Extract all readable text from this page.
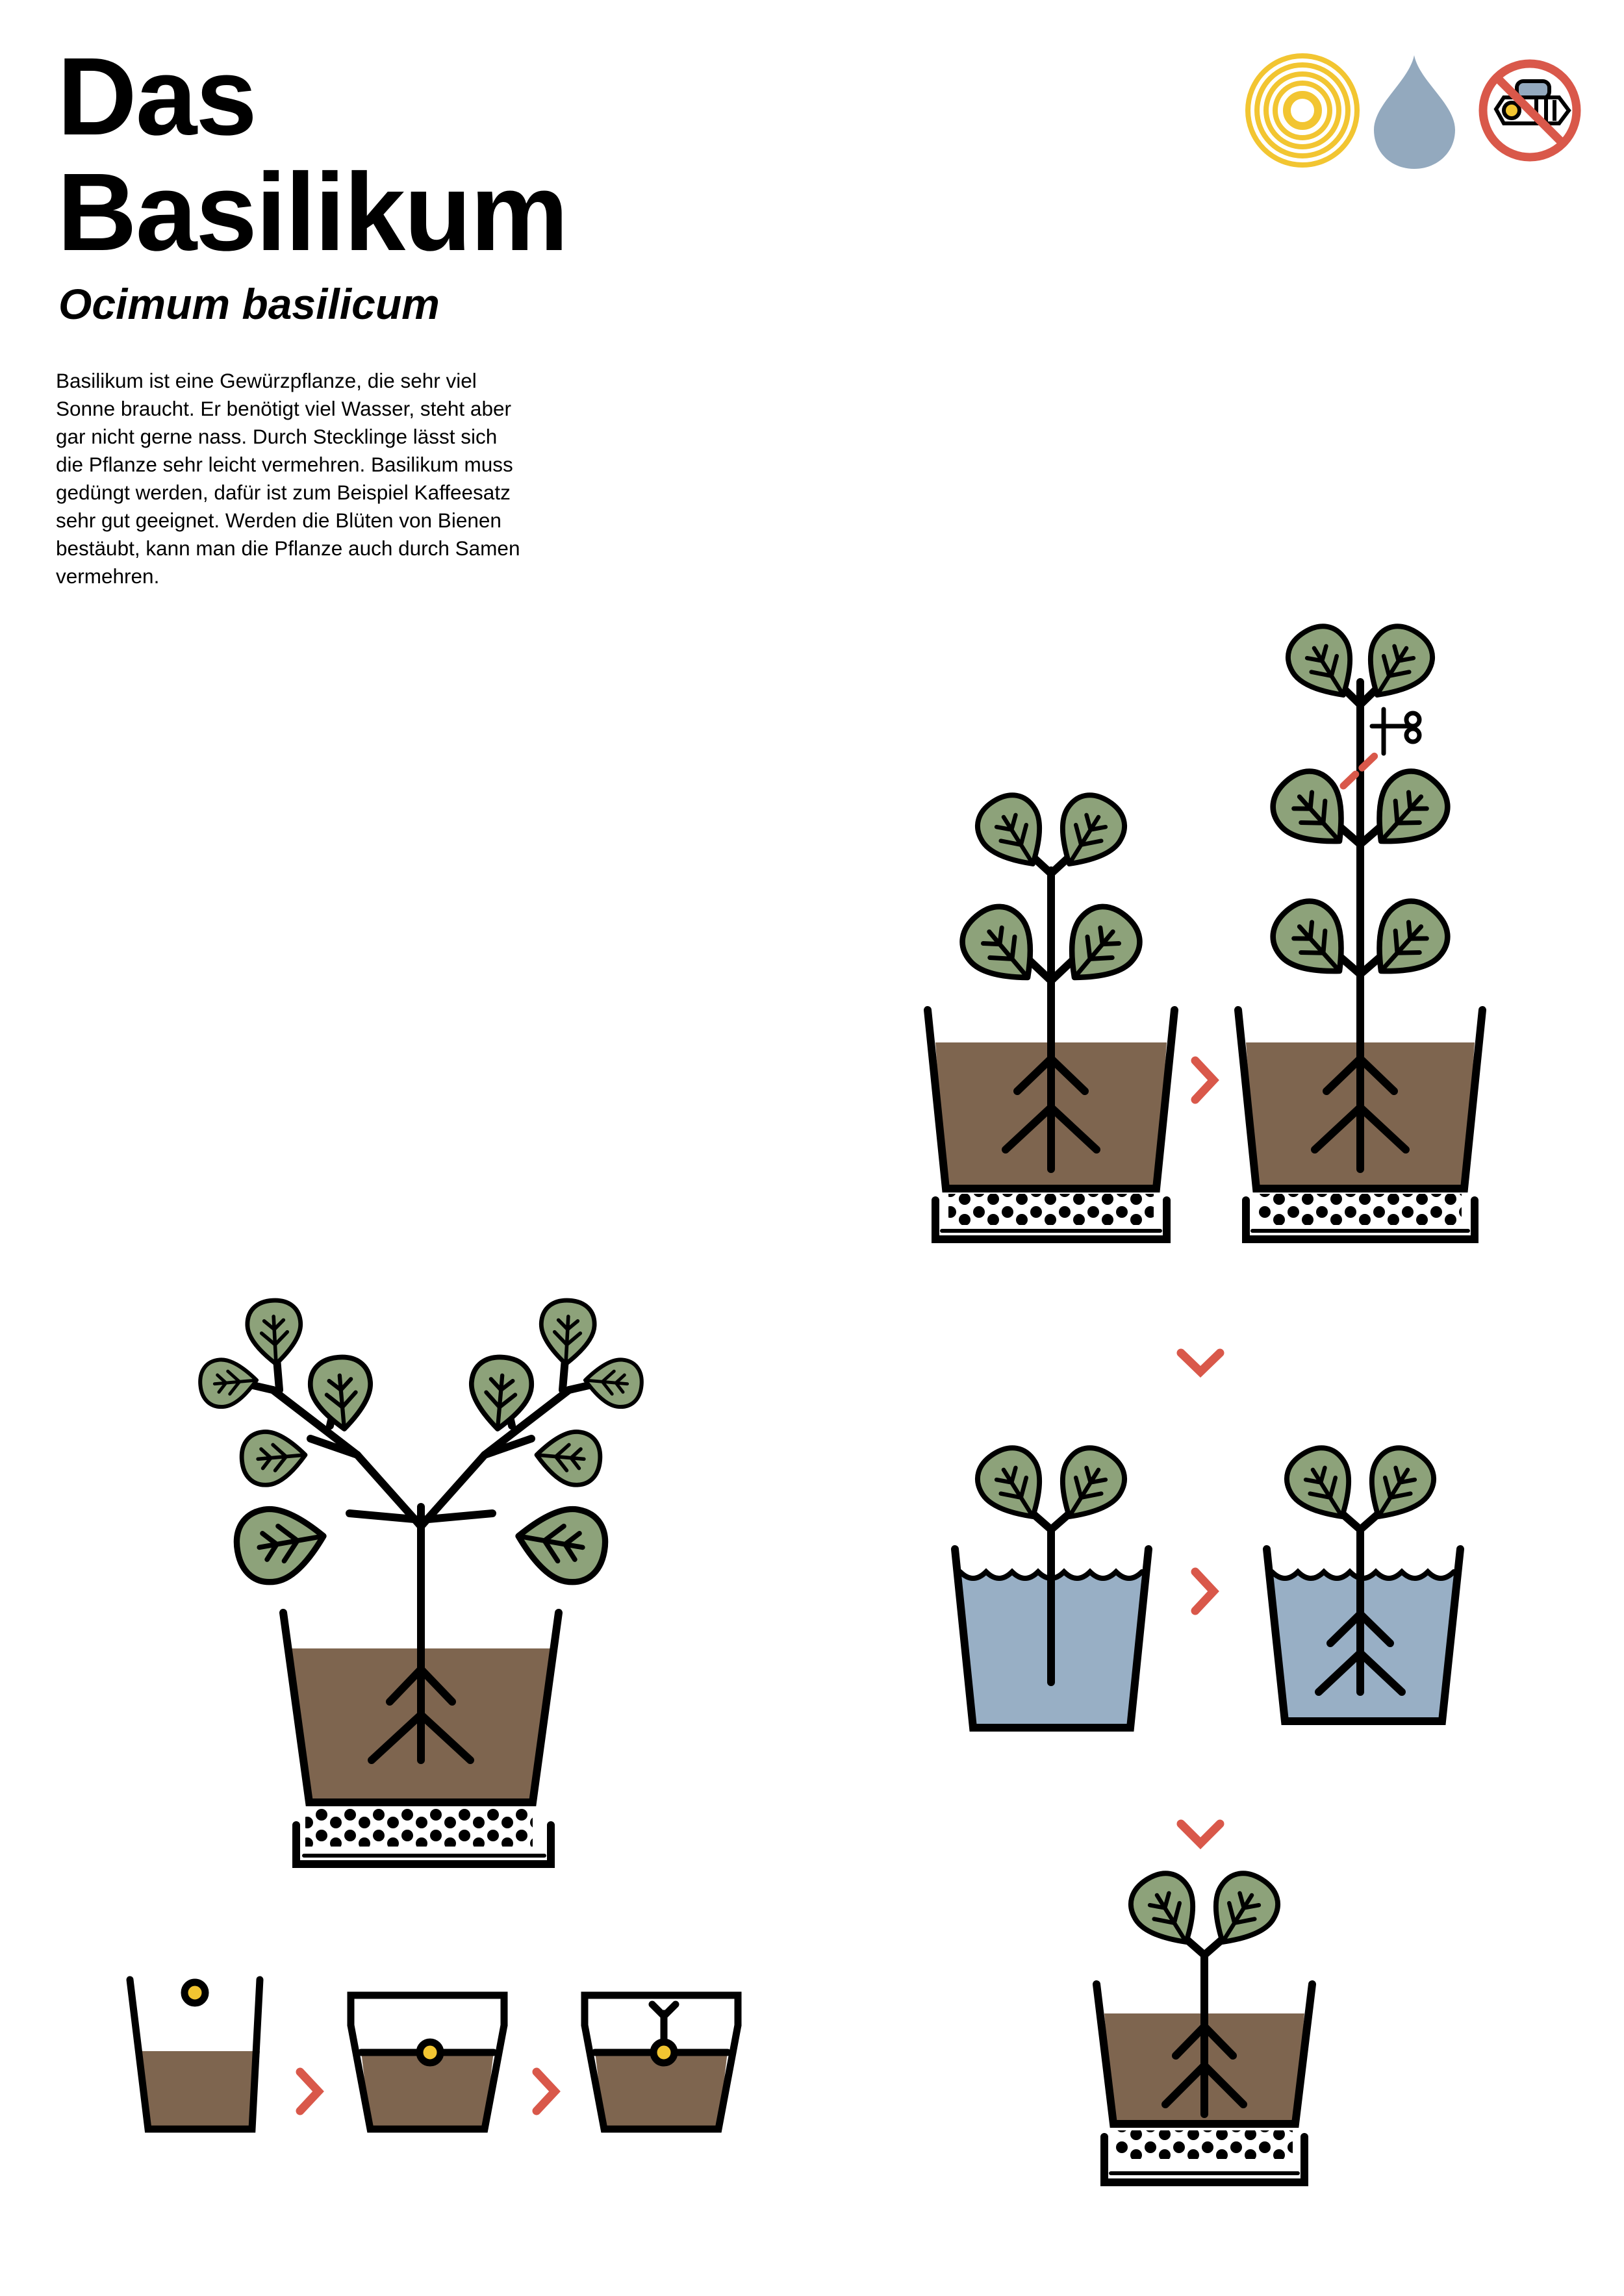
Das
Basilikum
Ocimum basilicum

Basilikum ist eine Gewürzpflanze, die sehr viel Sonne braucht. Er benötigt viel Wasser, steht aber gar nicht gerne nass. Durch Stecklinge lässt sich die Pflanze sehr leicht vermehren. Basilikum muss gedüngt werden, dafür ist zum Beispiel Kaffeesatz sehr gut geeignet. Werden die Blüten von Bienen bestäubt, kann man die Pflanze auch durch Samen vermehren.
